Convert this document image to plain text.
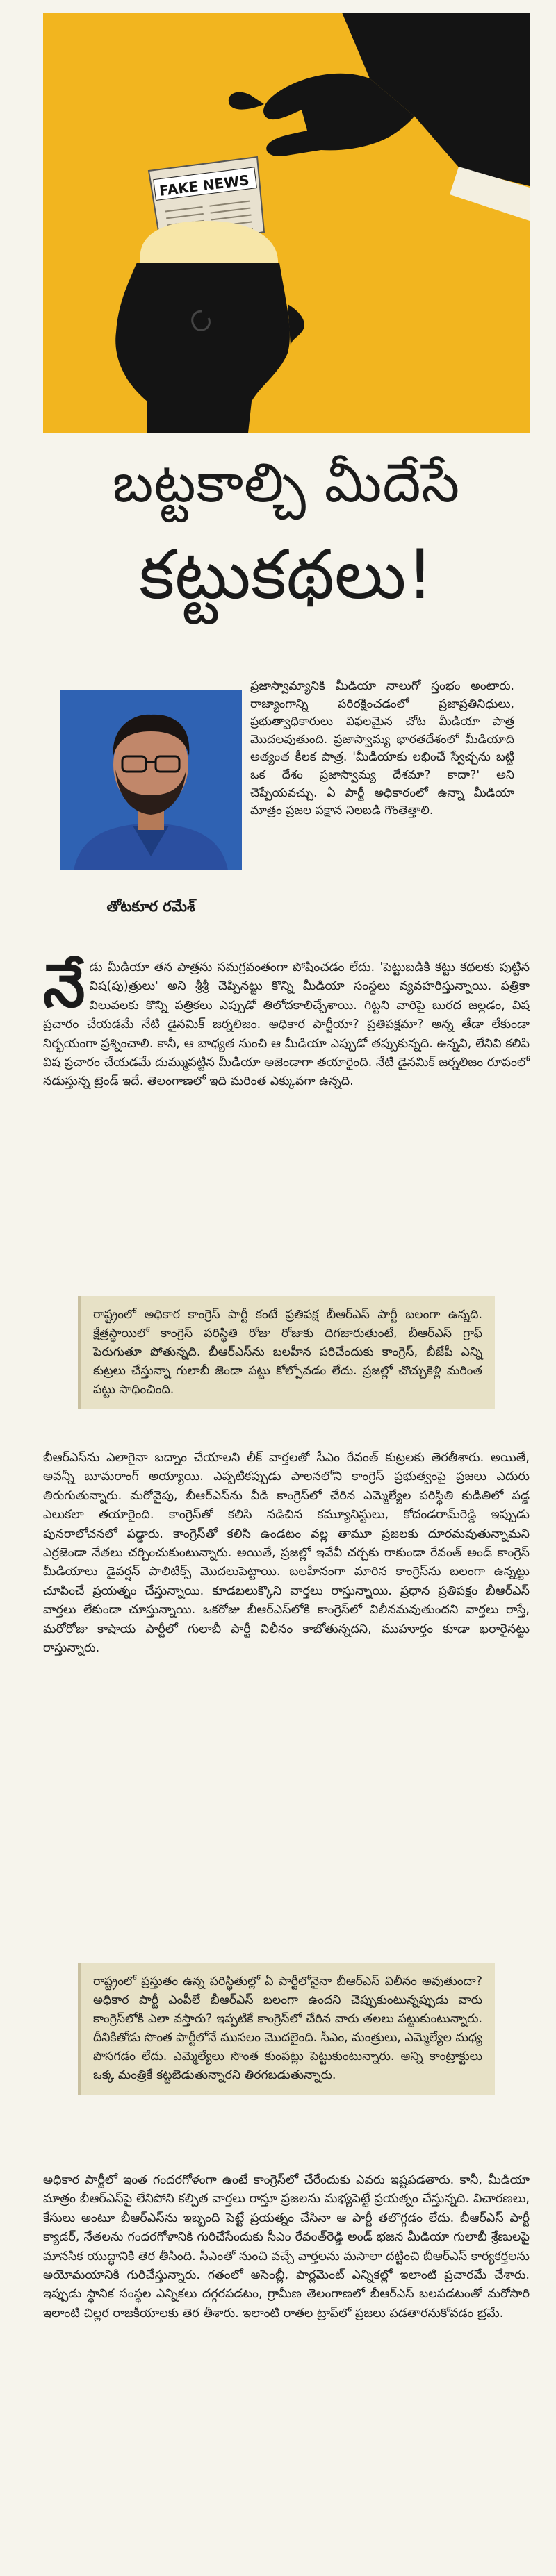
FAKE NEWS
బట్టకాల్చి మీదేసే
కట్టుకథలు!
తోటకూర రమేశ్
ప్రజాస్వామ్యానికి మీడియా నాలుగో స్తంభం అంటారు. రాజ్యాంగాన్ని పరిరక్షించడంలో ప్రజాప్రతినిధులు, ప్రభుత్వాధికారులు విఫలమైన చోట మీడియా పాత్ర మొదలవుతుంది. ప్రజాస్వామ్య భారతదేశంలో మీడియాది అత్యంత కీలక పాత్ర. 'మీడియాకు లభించే స్వేచ్ఛను బట్టి ఒక దేశం ప్రజాస్వామ్య దేశమా? కాదా?' అని చెప్పేయవచ్చు. ఏ పార్టీ అధికారంలో ఉన్నా మీడియా మాత్రం ప్రజల పక్షాన నిలబడి గొంతెత్తాలి.
నేడు మీడియా తన పాత్రను సమగ్రవంతంగా పోషించడం లేదు. 'పెట్టుబడికి కట్టు కథలకు పుట్టిన విష(పు)త్రులు' అని శ్రీశ్రీ చెప్పినట్టు కొన్ని మీడియా సంస్థలు వ్యవహరిస్తున్నాయి. పత్రికా విలువలకు కొన్ని పత్రికలు ఎప్పుడో తిలోదకాలిచ్చేశాయి. గిట్టని వారిపై బురద జల్లడం, విష ప్రచారం చేయడమే నేటి డైనమిక్ జర్నలిజం. అధికార పార్టీయా? ప్రతిపక్షమా? అన్న తేడా లేకుండా నిర్భయంగా ప్రశ్నించాలి. కానీ, ఆ బాధ్యత నుంచి ఆ మీడియా ఎప్పుడో తప్పుకున్నది. ఉన్నవి, లేనివి కలిపి విష ప్రచారం చేయడమే దుమ్ముపట్టిన మీడియా అజెండాగా తయారైంది. నేటి డైనమిక్ జర్నలిజం రూపంలో నడుస్తున్న ట్రెండ్ ఇదే. తెలంగాణలో ఇది మరింత ఎక్కువగా ఉన్నది.
రాష్ట్రంలో అధికార కాంగ్రెస్ పార్టీ కంటే ప్రతిపక్ష బీఆర్ఎస్ పార్టీ బలంగా ఉన్నది. క్షేత్రస్థాయిలో కాంగ్రెస్ పరిస్థితి రోజు రోజుకు దిగజారుతుంటే, బీఆర్ఎస్ గ్రాఫ్ పెరుగుతూ పోతున్నది. బీఆర్ఎస్‌ను బలహీన పరిచేందుకు కాంగ్రెస్, బీజేపీ ఎన్ని కుట్రలు చేస్తున్నా గులాబీ జెండా పట్టు కోల్పోవడం లేదు. ప్రజల్లో చొచ్చుకెళ్లి మరింత పట్టు సాధించింది.
బీఆర్ఎస్‌ను ఎలాగైనా బద్నాం చేయాలని లీక్‌ వార్తలతో సీఎం రేవంత్ కుట్రలకు తెరతీశారు. అయితే, అవన్నీ బూమరాంగ్ అయ్యాయి. ఎప్పటికప్పుడు పాలనలోని కాంగ్రెస్ ప్రభుత్వంపై ప్రజలు ఎదురు తిరుగుతున్నారు. మరోవైపు, బీఆర్ఎస్‌ను వీడి కాంగ్రెస్‌లో చేరిన ఎమ్మెల్యేల పరిస్థితి కుడితిలో పడ్డ ఎలుకలా తయారైంది. కాంగ్రెస్‌తో కలిసి నడిచిన కమ్యూనిస్టులు, కోదండరామ్‌రెడ్డి ఇప్పుడు పునరాలోచనలో పడ్డారు. కాంగ్రెస్‌తో కలిసి ఉండటం వల్ల తామూ ప్రజలకు దూరమవుతున్నామని ఎర్రజెండా నేతలు చర్చించుకుంటున్నారు. అయితే, ప్రజల్లో ఇవేవీ చర్చకు రాకుండా రేవంత్ అండ్ కాంగ్రెస్ మీడియాలు డైవర్షన్ పాలిటిక్స్ మొదలుపెట్టాయి. బలహీనంగా మారిన కాంగ్రెస్‌ను బలంగా ఉన్నట్టు చూపించే ప్రయత్నం చేస్తున్నాయి. కూడబలుక్కొని వార్తలు రాస్తున్నాయి. ప్రధాన ప్రతిపక్షం బీఆర్ఎస్ వార్తలు లేకుండా చూస్తున్నాయి. ఒకరోజు బీఆర్ఎస్‌లోకి కాంగ్రెస్‌లో విలీనమవుతుందని వార్తలు రాస్తే, మరోరోజు కాషాయ పార్టీలో గులాబీ పార్టీ విలీనం కాబోతున్నదని, ముహూర్తం కూడా ఖరారైనట్టు రాస్తున్నారు.
రాష్ట్రంలో ప్రస్తుతం ఉన్న పరిస్థితుల్లో ఏ పార్టీలోనైనా బీఆర్ఎస్ విలీనం అవుతుందా? అధికార పార్టీ ఎంపీలే బీఆర్ఎస్ బలంగా ఉందని చెప్పుకుంటున్నప్పుడు వారు కాంగ్రెస్‌లోకి ఎలా వస్తారు? ఇప్పటికే కాంగ్రెస్‌లో చేరిన వారు తలలు పట్టుకుంటున్నారు. దీనికితోడు సొంత పార్టీలోనే ముసలం మొదలైంది. సీఎం, మంత్రులు, ఎమ్మెల్యేల మధ్య పొసగడం లేదు. ఎమ్మెల్యేలు సొంత కుంపట్లు పెట్టుకుంటున్నారు. అన్ని కాంట్రాక్టులు ఒక్క మంత్రికే కట్టబెడుతున్నారని తిరగబడుతున్నారు.
అధికార పార్టీలో ఇంత గందరగోళంగా ఉంటే కాంగ్రెస్‌లో చేరేందుకు ఎవరు ఇష్టపడతారు. కానీ, మీడియా మాత్రం బీఆర్ఎస్‌పై లేనిపోని కల్పిత వార్తలు రాస్తూ ప్రజలను మభ్యపెట్టే ప్రయత్నం చేస్తున్నది. విచారణలు, కేసులు అంటూ బీఆర్ఎస్‌ను ఇబ్బంది పెట్టే ప్రయత్నం చేసినా ఆ పార్టీ తలొగ్గడం లేదు. బీఆర్ఎస్ పార్టీ క్యాడర్, నేతలను గందరగోళానికి గురిచేసేందుకు సీఎం రేవంత్‌రెడ్డి అండ్ భజన మీడియా గులాబీ శ్రేణులపై మానసిక యుద్ధానికి తెర తీసింది. సీఎం‌తో నుంచి వచ్చే వార్తలను మసాలా దట్టించి బీఆర్ఎస్ కార్యకర్తలను అయోమయానికి గురిచేస్తున్నారు. గతంలో అసెంబ్లీ, పార్లమెంట్ ఎన్నికల్లో ఇలాంటి ప్రచారమే చేశారు. ఇప్పుడు స్థానిక సంస్థల ఎన్నికలు దగ్గరపడటం, గ్రామీణ తెలంగాణలో బీఆర్ఎస్ బలపడటంతో మరోసారి ఇలాంటి చిల్లర రాజకీయాలకు తెర తీశారు. ఇలాంటి రాతల ట్రాప్‌లో ప్రజలు పడతారనుకోవడం భ్రమే.
